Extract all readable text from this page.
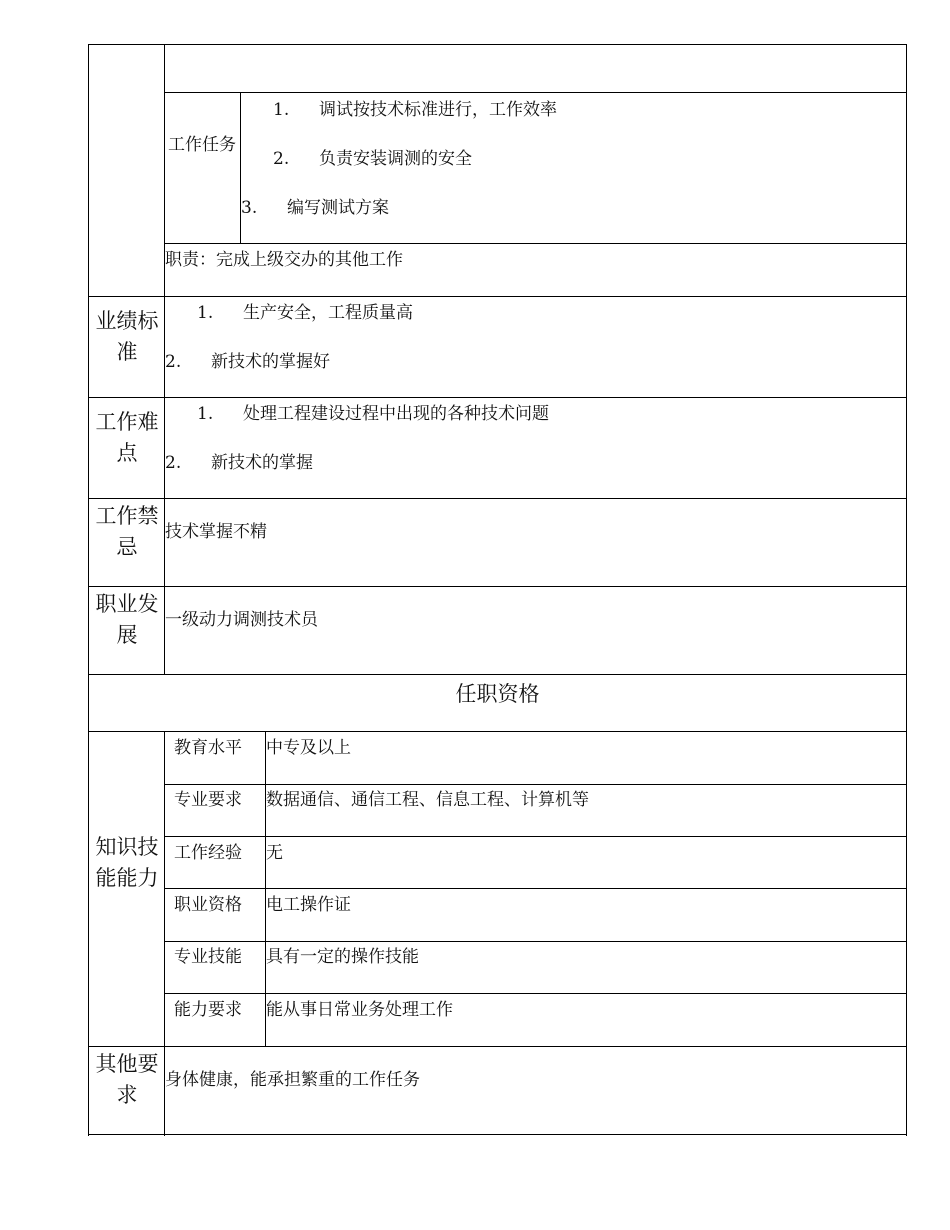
工作任务
1. 调试按技术标准进行，工作效率
2. 负责安装调测的安全
3. 编写测试方案
职责：完成上级交办的其他工作
业绩标准
1. 生产安全，工程质量高
2. 新技术的掌握好
工作难点
1. 处理工程建设过程中出现的各种技术问题
2. 新技术的掌握
工作禁忌
技术掌握不精
职业发展
一级动力调测技术员
任职资格
知识技能能力
教育水平 中专及以上
专业要求 数据通信、通信工程、信息工程、计算机等
工作经验 无
职业资格 电工操作证
专业技能 具有一定的操作技能
能力要求 能从事日常业务处理工作
其他要求
身体健康，能承担繁重的工作任务
